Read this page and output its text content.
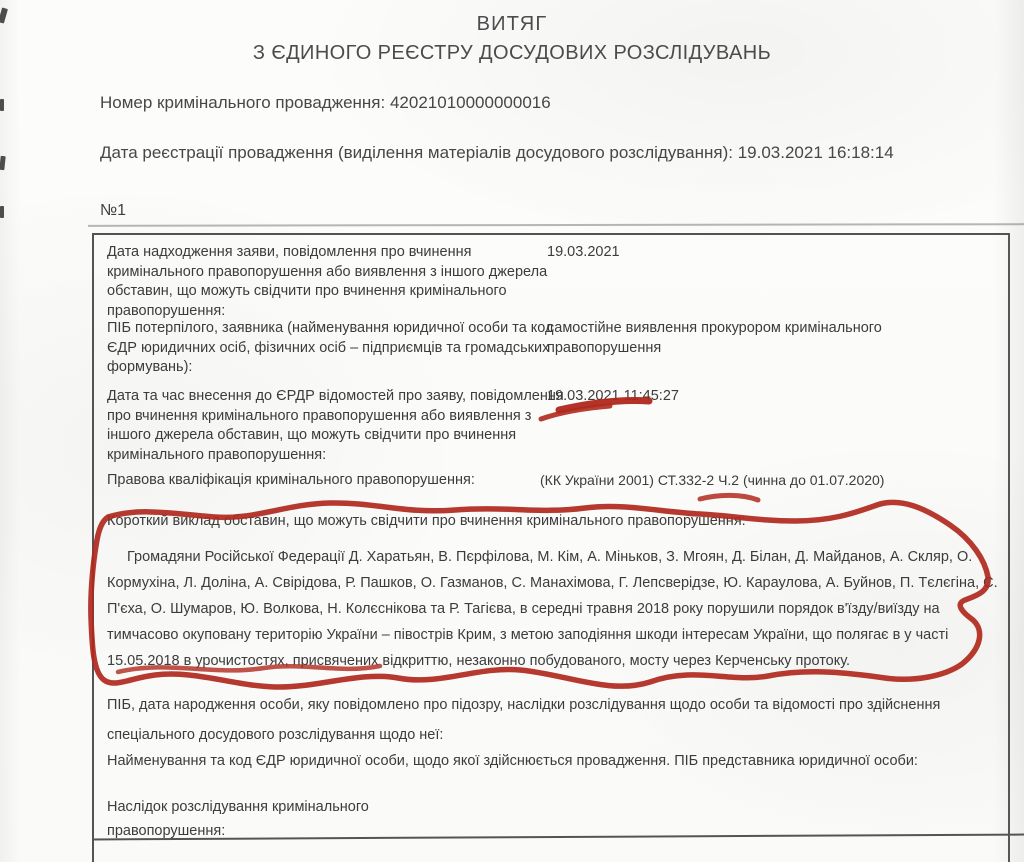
ВИТЯГ
З ЄДИНОГО РЕЄСТРУ ДОСУДОВИХ РОЗСЛІДУВАНЬ
Номер кримінального провадження: 42021010000000016
Дата реєстрації провадження (виділення матеріалів досудового розслідування): 19.03.2021 16:18:14
№1
Дата надходження заяви, повідомлення про вчинення кримінального правопорушення або виявлення з іншого джерела обставин, що можуть свідчити про вчинення кримінального правопорушення:
19.03.2021
ПІБ потерпілого, заявника (найменування юридичної особи та код ЄДР юридичних осіб, фізичних осіб – підприємців та громадських формувань):
самостійне виявлення прокурором кримінального правопорушення
Дата та час внесення до ЄРДР відомостей про заяву, повідомлення про вчинення кримінального правопорушення або виявлення з іншого джерела обставин, що можуть свідчити про вчинення кримінального правопорушення:
19.03.2021 11:45:27
Правова кваліфікація кримінального правопорушення:	(КК України 2001) СТ.332-2 Ч.2 (чинна до 01.07.2020)
Короткий виклад обставин, що можуть свідчити про вчинення кримінального правопорушення:
Громадяни Російської Федерації Д. Харатьян, В. Пєрфілова, М. Кім, А. Міньков, З. Мгоян, Д. Білан, Д. Майданов, А. Скляр, О. Кормухіна, Л. Доліна, А. Свірідова, Р. Пашков, О. Газманов, С. Манахімова, Г. Лепсверідзе, Ю. Караулова, А. Буйнов, П. Тєлєгіна, С. П'єха, О. Шумаров, Ю. Волкова, Н. Колєснікова та Р. Тагієва, в середні травня 2018 року порушили порядок в'їзду/виїзду на тимчасово окуповану територію України – півострів Крим, з метою заподіяння шкоди інтересам України, що полягає в у часті 15.05.2018 в урочистостях, присвячених відкриттю, незаконно побудованого, мосту через Керченську протоку.
ПІБ, дата народження особи, яку повідомлено про підозру, наслідки розслідування щодо особи та відомості про здійснення спеціального досудового розслідування щодо неї:
Найменування та код ЄДР юридичної особи, щодо якої здійснюється провадження. ПІБ представника юридичної особи:
Наслідок розслідування кримінального правопорушення:
